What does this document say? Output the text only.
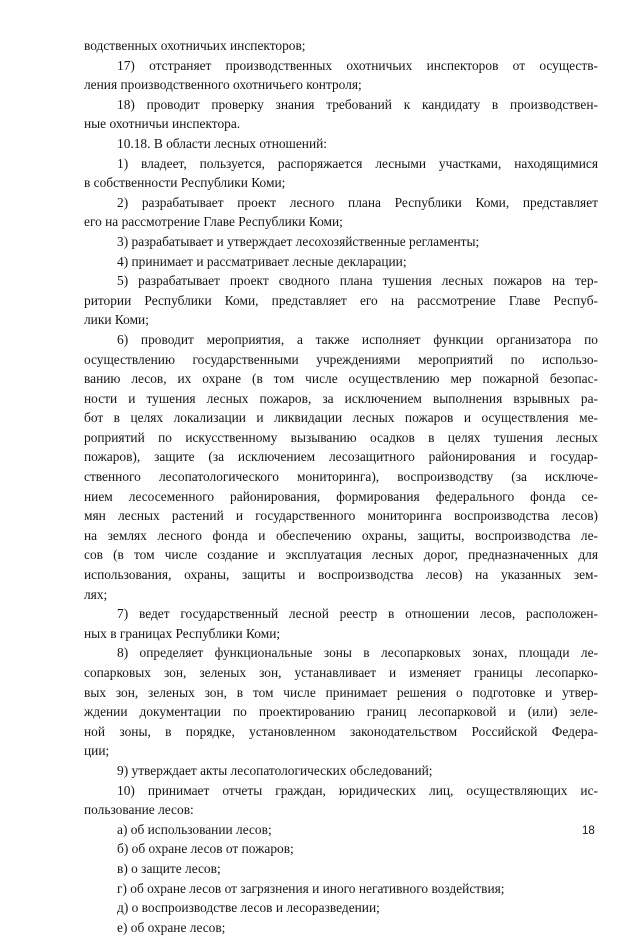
водственных охотничьих инспекторов;
17) отстраняет производственных охотничьих инспекторов от осуществ-
ления производственного охотничьего контроля;
18) проводит проверку знания требований к кандидату в производствен-
ные охотничьи инспектора.
10.18. В области лесных отношений:
1) владеет, пользуется, распоряжается лесными участками, находящимися
в собственности Республики Коми;
2) разрабатывает проект лесного плана Республики Коми, представляет
его на рассмотрение Главе Республики Коми;
3) разрабатывает и утверждает лесохозяйственные регламенты;
4) принимает и рассматривает лесные декларации;
5) разрабатывает проект сводного плана тушения лесных пожаров на тер-
ритории Республики Коми, представляет его на рассмотрение Главе Респуб-
лики Коми;
6) проводит мероприятия, а также исполняет функции организатора по
осуществлению государственными учреждениями мероприятий по использо-
ванию лесов, их охране (в том числе осуществлению мер пожарной безопас-
ности и тушения лесных пожаров, за исключением выполнения взрывных ра-
бот в целях локализации и ликвидации лесных пожаров и осуществления ме-
роприятий по искусственному вызыванию осадков в целях тушения лесных
пожаров), защите (за исключением лесозащитного районирования и государ-
ственного лесопатологического мониторинга), воспроизводству (за исключе-
нием лесосеменного районирования, формирования федерального фонда се-
мян лесных растений и государственного мониторинга воспроизводства лесов)
на землях лесного фонда и обеспечению охраны, защиты, воспроизводства ле-
сов (в том числе создание и эксплуатация лесных дорог, предназначенных для
использования, охраны, защиты и воспроизводства лесов) на указанных зем-
лях;
7) ведет государственный лесной реестр в отношении лесов, расположен-
ных в границах Республики Коми;
8) определяет функциональные зоны в лесопарковых зонах, площади ле-
сопарковых зон, зеленых зон, устанавливает и изменяет границы лесопарко-
вых зон, зеленых зон, в том числе принимает решения о подготовке и утвер-
ждении документации по проектированию границ лесопарковой и (или) зеле-
ной зоны, в порядке, установленном законодательством Российской Федера-
ции;
9) утверждает акты лесопатологических обследований;
10) принимает отчеты граждан, юридических лиц, осуществляющих ис-
пользование лесов:
а) об использовании лесов;
б) об охране лесов от пожаров;
в) о защите лесов;
г) об охране лесов от загрязнения и иного негативного воздействия;
д) о воспроизводстве лесов и лесоразведении;
е) об охране лесов;
18
